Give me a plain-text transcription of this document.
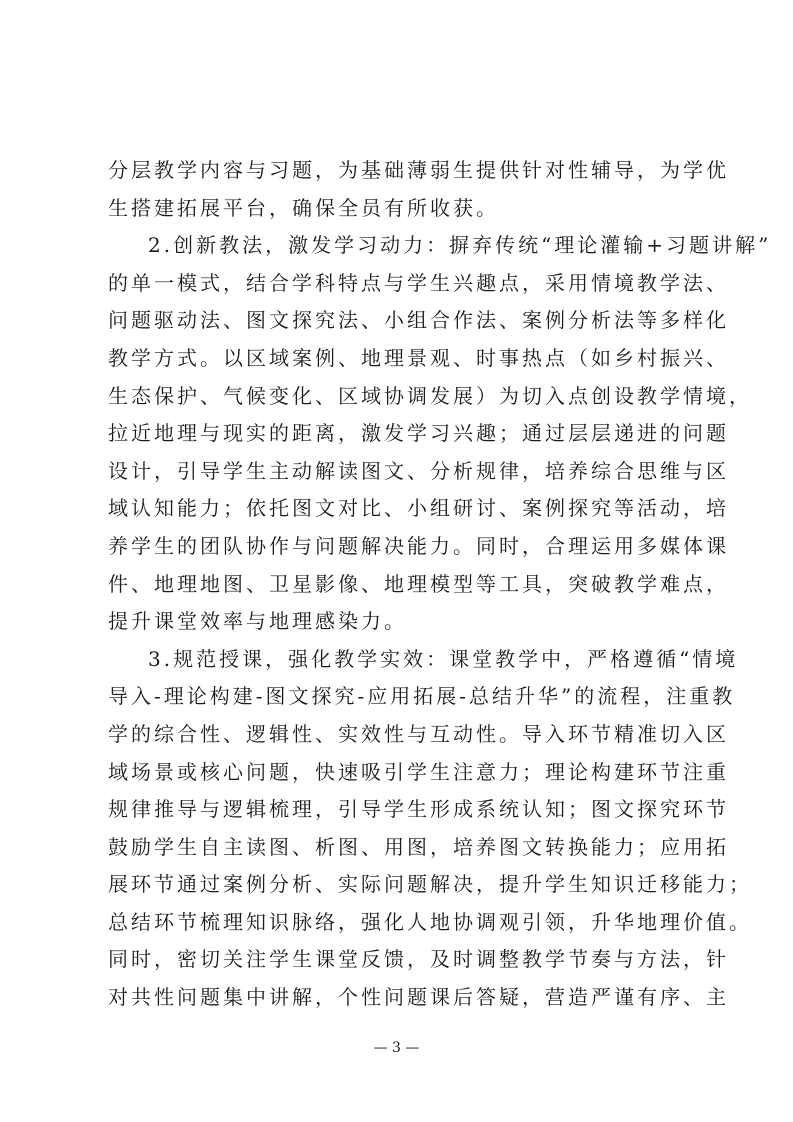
分层教学内容与习题，为基础薄弱生提供针对性辅导，为学优
生搭建拓展平台，确保全员有所收获。
2.创新教法，激发学习动力：摒弃传统“理论灌输+习题讲解”
的单一模式，结合学科特点与学生兴趣点，采用情境教学法、
问题驱动法、图文探究法、小组合作法、案例分析法等多样化
教学方式。以区域案例、地理景观、时事热点（如乡村振兴、
生态保护、气候变化、区域协调发展）为切入点创设教学情境，
拉近地理与现实的距离，激发学习兴趣；通过层层递进的问题
设计，引导学生主动解读图文、分析规律，培养综合思维与区
域认知能力；依托图文对比、小组研讨、案例探究等活动，培
养学生的团队协作与问题解决能力。同时，合理运用多媒体课
件、地理地图、卫星影像、地理模型等工具，突破教学难点，
提升课堂效率与地理感染力。
3.规范授课，强化教学实效：课堂教学中，严格遵循“情境
导入-理论构建-图文探究-应用拓展-总结升华”的流程，注重教
学的综合性、逻辑性、实效性与互动性。导入环节精准切入区
域场景或核心问题，快速吸引学生注意力；理论构建环节注重
规律推导与逻辑梳理，引导学生形成系统认知；图文探究环节
鼓励学生自主读图、析图、用图，培养图文转换能力；应用拓
展环节通过案例分析、实际问题解决，提升学生知识迁移能力；
总结环节梳理知识脉络，强化人地协调观引领，升华地理价值。
同时，密切关注学生课堂反馈，及时调整教学节奏与方法，针
对共性问题集中讲解，个性问题课后答疑，营造严谨有序、主
— 3 —
